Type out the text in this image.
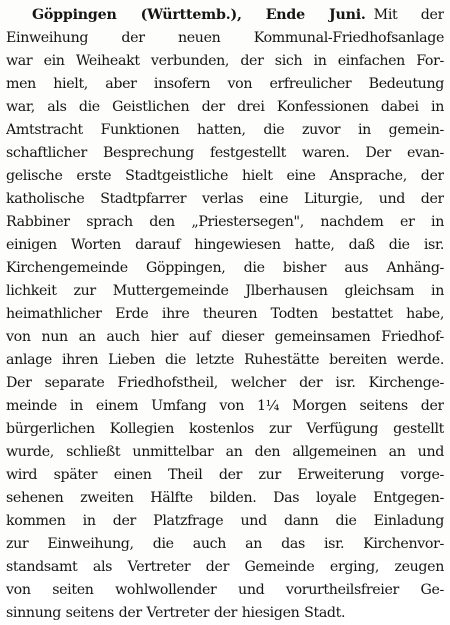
Göppingen (Württemb.), Ende Juni. Mit der
Einweihung der neuen Kommunal-Friedhofsanlage
war ein Weiheakt verbunden, der sich in einfachen For-
men hielt, aber insofern von erfreulicher Bedeutung
war, als die Geistlichen der drei Konfessionen dabei in
Amtstracht Funktionen hatten, die zuvor in gemein-
schaftlicher Besprechung festgestellt waren. Der evan-
gelische erste Stadtgeistliche hielt eine Ansprache, der
katholische Stadtpfarrer verlas eine Liturgie, und der
Rabbiner sprach den „Priestersegen", nachdem er in
einigen Worten darauf hingewiesen hatte, daß die isr.
Kirchengemeinde Göppingen, die bisher aus Anhäng-
lichkeit zur Muttergemeinde Jlberhausen gleichsam in
heimathlicher Erde ihre theuren Todten bestattet habe,
von nun an auch hier auf dieser gemeinsamen Friedhof-
anlage ihren Lieben die letzte Ruhestätte bereiten werde.
Der separate Friedhofstheil, welcher der isr. Kirchenge-
meinde in einem Umfang von 1¼ Morgen seitens der
bürgerlichen Kollegien kostenlos zur Verfügung gestellt
wurde, schließt unmittelbar an den allgemeinen an und
wird später einen Theil der zur Erweiterung vorge-
sehenen zweiten Hälfte bilden. Das loyale Entgegen-
kommen in der Platzfrage und dann die Einladung
zur Einweihung, die auch an das isr. Kirchenvor-
standsamt als Vertreter der Gemeinde erging, zeugen
von seiten wohlwollender und vorurtheilsfreier Ge-
sinnung seitens der Vertreter der hiesigen Stadt.
